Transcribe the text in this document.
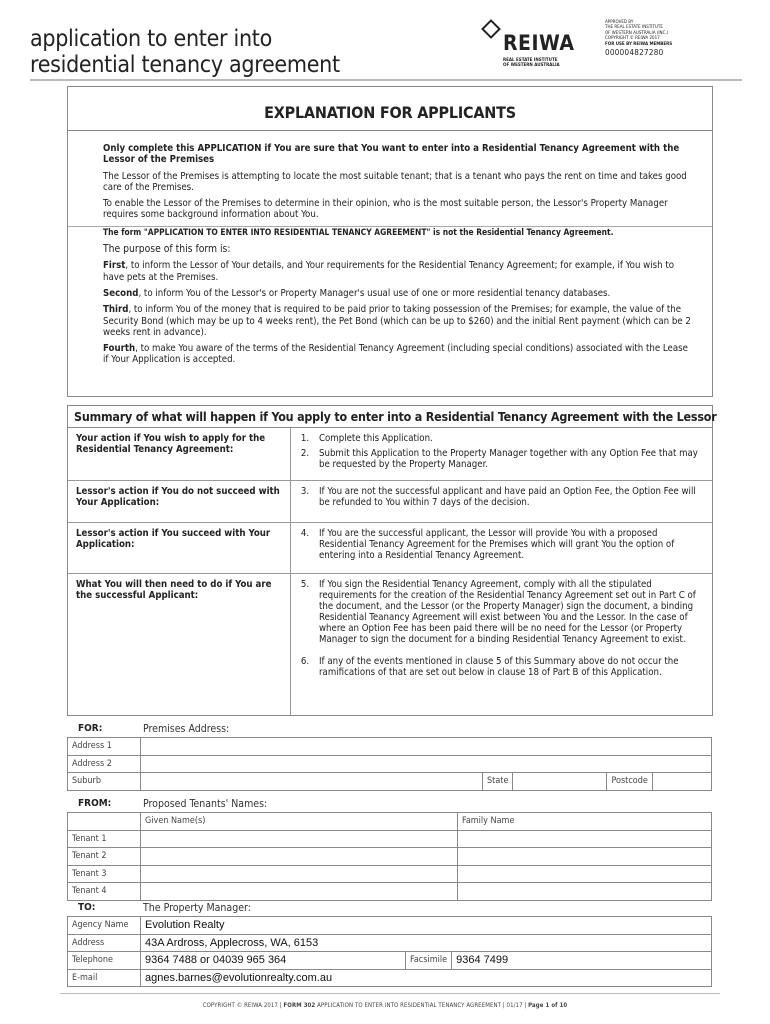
application to enter into
residential tenancy agreement
REIWA
REAL ESTATE INSTITUTE
OF WESTERN AUSTRALIA
APPROVED BY
THE REAL ESTATE INSTITUTE
OF WESTERN AUSTRALIA (INC.)
COPYRIGHT © REIWA 2017
FOR USE BY REIWA MEMBERS
000004827280
EXPLANATION FOR APPLICANTS

Only complete this APPLICATION if You are sure that You want to enter into a Residential Tenancy Agreement with the Lessor of the Premises

The Lessor of the Premises is attempting to locate the most suitable tenant; that is a tenant who pays the rent on time and takes good care of the Premises.

To enable the Lessor of the Premises to determine in their opinion, who is the most suitable person, the Lessor's Property Manager requires some background information about You.

The form "APPLICATION TO ENTER INTO RESIDENTIAL TENANCY AGREEMENT" is not the Residential Tenancy Agreement.

The purpose of this form is:

First, to inform the Lessor of Your details, and Your requirements for the Residential Tenancy Agreement; for example, if You wish to have pets at the Premises.

Second, to inform You of the Lessor's or Property Manager's usual use of one or more residential tenancy databases.

Third, to inform You of the money that is required to be paid prior to taking possession of the Premises; for example, the value of the Security Bond (which may be up to 4 weeks rent), the Pet Bond (which can be up to $260) and the initial Rent payment (which can be 2 weeks rent in advance).

Fourth, to make You aware of the terms of the Residential Tenancy Agreement (including special conditions) associated with the Lease if Your Application is accepted.

Summary of what will happen if You apply to enter into a Residential Tenancy Agreement with the Lessor
Your action if You wish to apply for the Residential Tenancy Agreement:
1.	Complete this Application.
2.	Submit this Application to the Property Manager together with any Option Fee that may be requested by the Property Manager.
Lessor's action if You do not succeed with Your Application:
3.	If You are not the successful applicant and have paid an Option Fee, the Option Fee will be refunded to You within 7 days of the decision.
Lessor's action if You succeed with Your Application:
4.	If You are the successful applicant, the Lessor will provide You with a proposed Residential Tenancy Agreement for the Premises which will grant You the option of entering into a Residential Tenancy Agreement.
What You will then need to do if You are the successful Applicant:
5.	If You sign the Residential Tenancy Agreement, comply with all the stipulated requirements for the creation of the Residential Tenancy Agreement set out in Part C of the document, and the Lessor (or the Property Manager) sign the document, a binding Residential Teanancy Agreement will exist between You and the Lessor. In the case of where an Option Fee has been paid there will be no need for the Lessor (or Property Manager to sign the document for a binding Residential Tenancy Agreement to exist.
6.	If any of the events mentioned in clause 5 of this Summary above do not occur the ramifications of that are set out below in clause 18 of Part B of this Application.
FOR:	Premises Address:
Address 1					
Address 2					
Suburb		State		Postcode	
FROM:	Proposed Tenants' Names:
	Given Name(s)	Family Name
Tenant 1		
Tenant 2		
Tenant 3		
Tenant 4		
TO:	The Property Manager:
Agency Name	Evolution Realty		
Address	43A Ardross, Applecross, WA, 6153		
Telephone	9364 7488 or 04039 965 364	Facsimile	9364 7499
E-mail	agnes.barnes@evolutionrealty.com.au		
COPYRIGHT © REIWA 2017 | FORM 302 APPLICATION TO ENTER INTO RESIDENTIAL TENANCY AGREEMENT | 01/17 | Page 1 of 10
